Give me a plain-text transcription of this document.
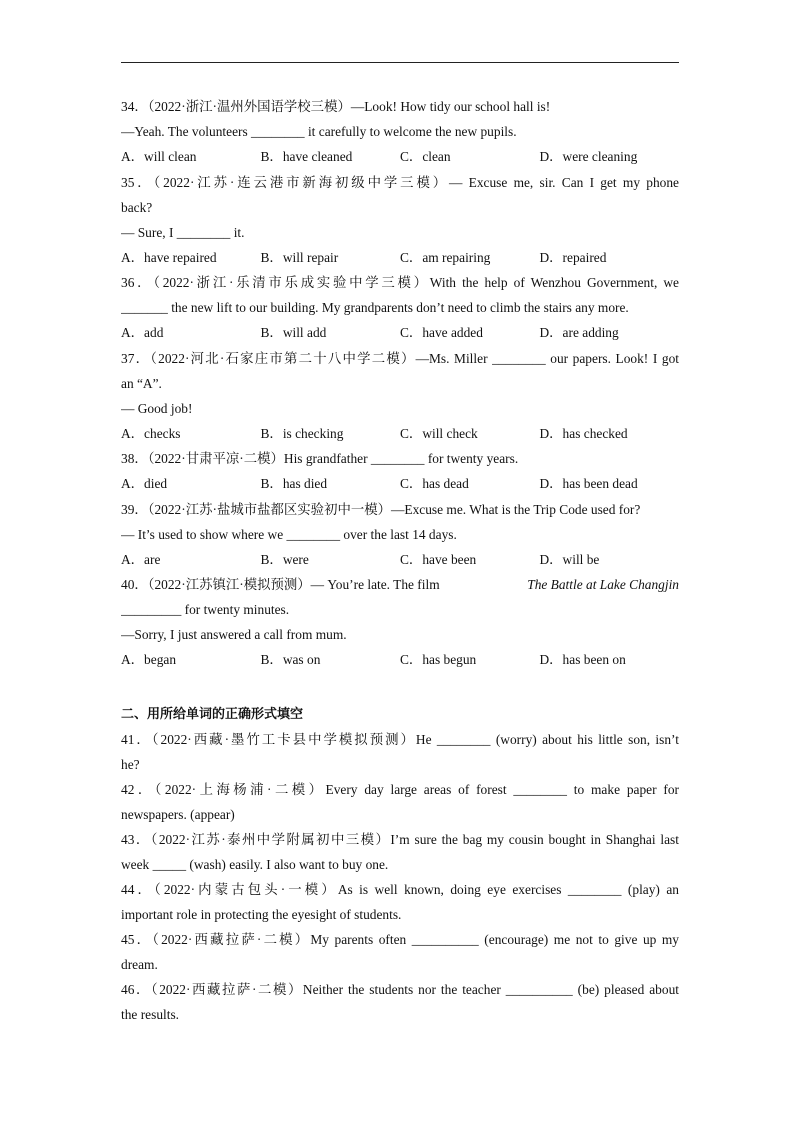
34．（2022·浙江·温州外国语学校三模）—Look! How tidy our school hall is!
—Yeah. The volunteers ________ it carefully to welcome the new pupils.
A．will clean	B．have cleaned	C．clean	D．were cleaning
35．（2022·江苏·连云港市新海初级中学三模）— Excuse me, sir. Can I get my phone
back?
— Sure, I ________ it.
A．have repaired	B．will repair	C．am repairing	D．repaired
36．（2022·浙江·乐清市乐成实验中学三模）With the help of Wenzhou Government, we
_______ the new lift to our building. My grandparents don’t need to climb the stairs any more.
A．add	B．will add	C．have added	D．are adding
37．（2022·河北·石家庄市第二十八中学二模）—Ms. Miller ________ our papers. Look! I got
an “A”.
— Good job!
A．checks	B．is checking	C．will check	D．has checked
38．（2022·甘肃平凉·二模）His grandfather ________ for twenty years.
A．died	B．has died	C．has dead	D．has been dead
39．（2022·江苏·盐城市盐都区实验初中一模）—Excuse me. What is the Trip Code used for?
— It’s used to show where we ________ over the last 14 days.
A．are	B．were	C．have been	D．will be
40．（2022·江苏镇江·模拟预测）— You’re late. The film	The Battle at Lake Changjin
_________ for twenty minutes.
—Sorry, I just answered a call from mum.
A．began	B．was on	C．has begun	D．has been on
二、用所给单词的正确形式填空
41．（2022·西藏·墨竹工卡县中学模拟预测）He ________ (worry) about his little son, isn’t
he?
42．（2022·上海杨浦·二模）Every day large areas of forest ________ to make paper for
newspapers. (appear)
43．（2022·江苏·泰州中学附属初中三模）I’m sure the bag my cousin bought in Shanghai last
week _____ (wash) easily. I also want to buy one.
44．（2022·内蒙古包头·一模）As is well known, doing eye exercises ________ (play) an
important role in protecting the eyesight of students.
45．（2022·西藏拉萨·二模）My parents often __________ (encourage) me not to give up my
dream.
46．（2022·西藏拉萨·二模）Neither the students nor the teacher __________ (be) pleased about
the results.
